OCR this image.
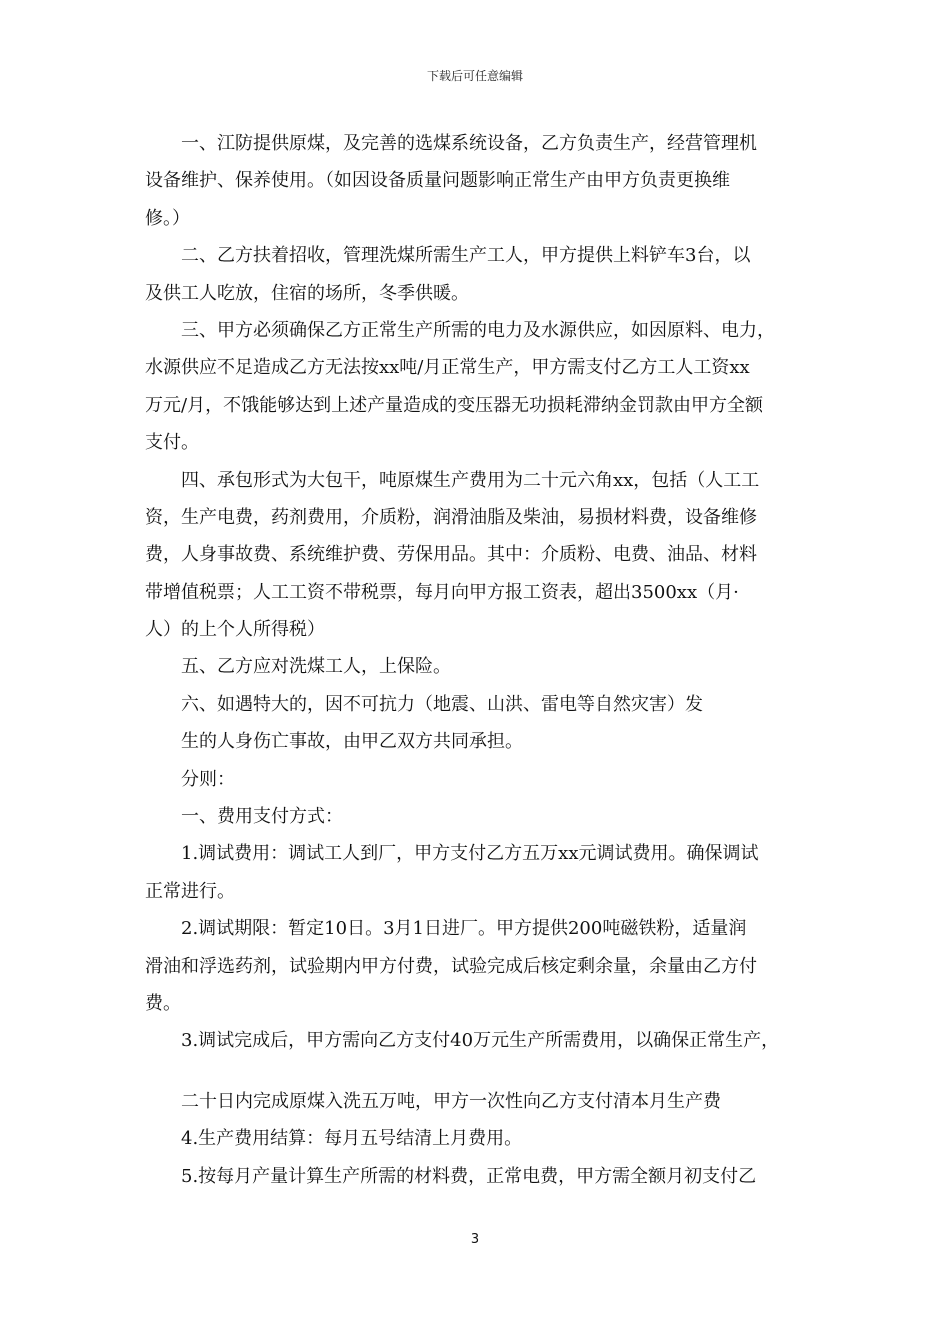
下载后可任意编辑
一、江防提供原煤，及完善的选煤系统设备，乙方负责生产，经营管理机
设备维护、保养使用。（如因设备质量问题影响正常生产由甲方负责更换维
修。）
二、乙方扶着招收，管理洗煤所需生产工人，甲方提供上料铲车3台，以
及供工人吃放，住宿的场所，冬季供暖。
三、甲方必须确保乙方正常生产所需的电力及水源供应，如因原料、电力，
水源供应不足造成乙方无法按xx吨/月正常生产，甲方需支付乙方工人工资xx
万元/月，不饿能够达到上述产量造成的变压器无功损耗滞纳金罚款由甲方全额
支付。
四、承包形式为大包干，吨原煤生产费用为二十元六角xx，包括（人工工
资，生产电费，药剂费用，介质粉，润滑油脂及柴油，易损材料费，设备维修
费，人身事故费、系统维护费、劳保用品。其中：介质粉、电费、油品、材料
带增值税票；人工工资不带税票，每月向甲方报工资表，超出3500xx（月·
人）的上个人所得税）
五、乙方应对洗煤工人，上保险。
六、如遇特大的，因不可抗力（地震、山洪、雷电等自然灾害）发
生的人身伤亡事故，由甲乙双方共同承担。
分则：
一、费用支付方式：
1.调试费用：调试工人到厂，甲方支付乙方五万xx元调试费用。确保调试
正常进行。
2.调试期限：暂定10日。3月1日进厂。甲方提供200吨磁铁粉，适量润
滑油和浮选药剂，试验期内甲方付费，试验完成后核定剩余量，余量由乙方付
费。
3.调试完成后，甲方需向乙方支付40万元生产所需费用，以确保正常生产，
二十日内完成原煤入洗五万吨，甲方一次性向乙方支付清本月生产费
4.生产费用结算：每月五号结清上月费用。
5.按每月产量计算生产所需的材料费，正常电费，甲方需全额月初支付乙
3
